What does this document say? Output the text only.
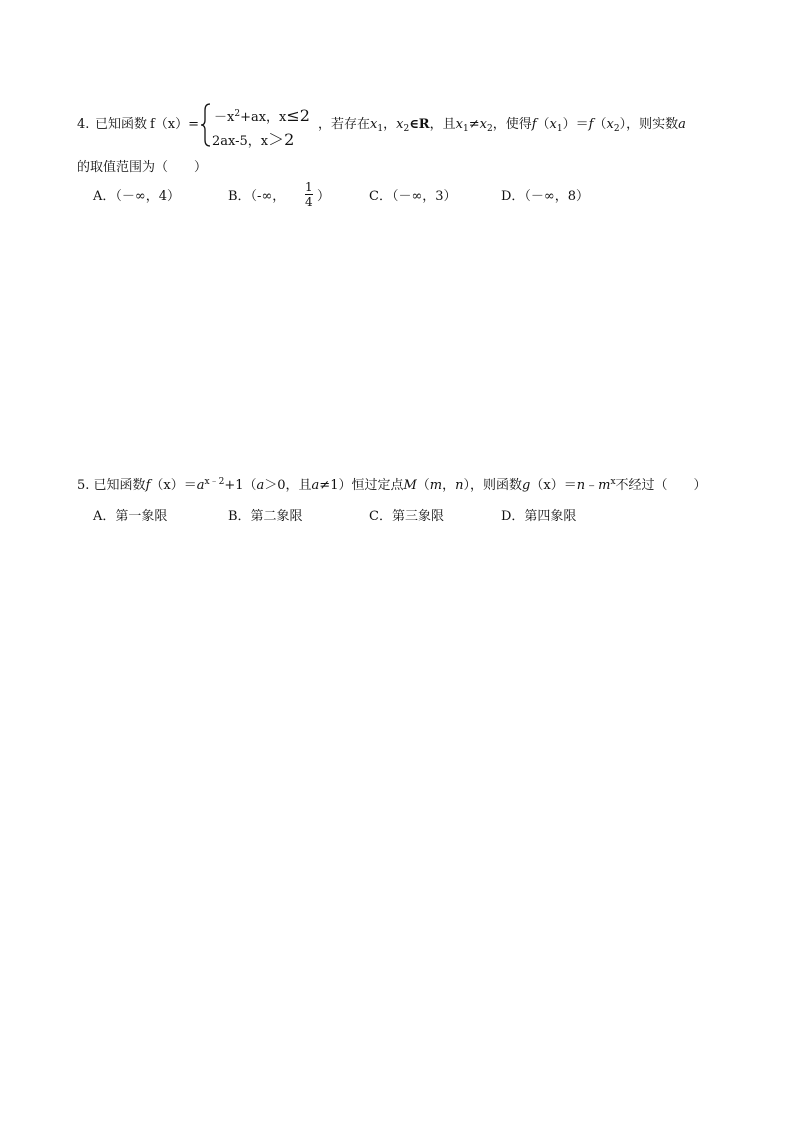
4. 已知函数 $f(x)= -x^2+ax$，x≤2
2ax-5，x＞2
，若存在$x_1$，$x_2\in R$，且$x_1\ne x_2$，使得$f(x_1)=f(x_2)$，则实数a
的取值范围为（　　）
A．（－∞，4）	B．（-∞，
1
4 ）	C．（－∞，3）	D．（－∞，8）
5. 已知函数$f(x)=a^{x﹣2}+1(a>0$，且a≠1）恒过定点M（m，n），则函数$g(x)=n﹣m^x$不经过（　　）
A．第一象限	B．第二象限	C．第三象限	D．第四象限
